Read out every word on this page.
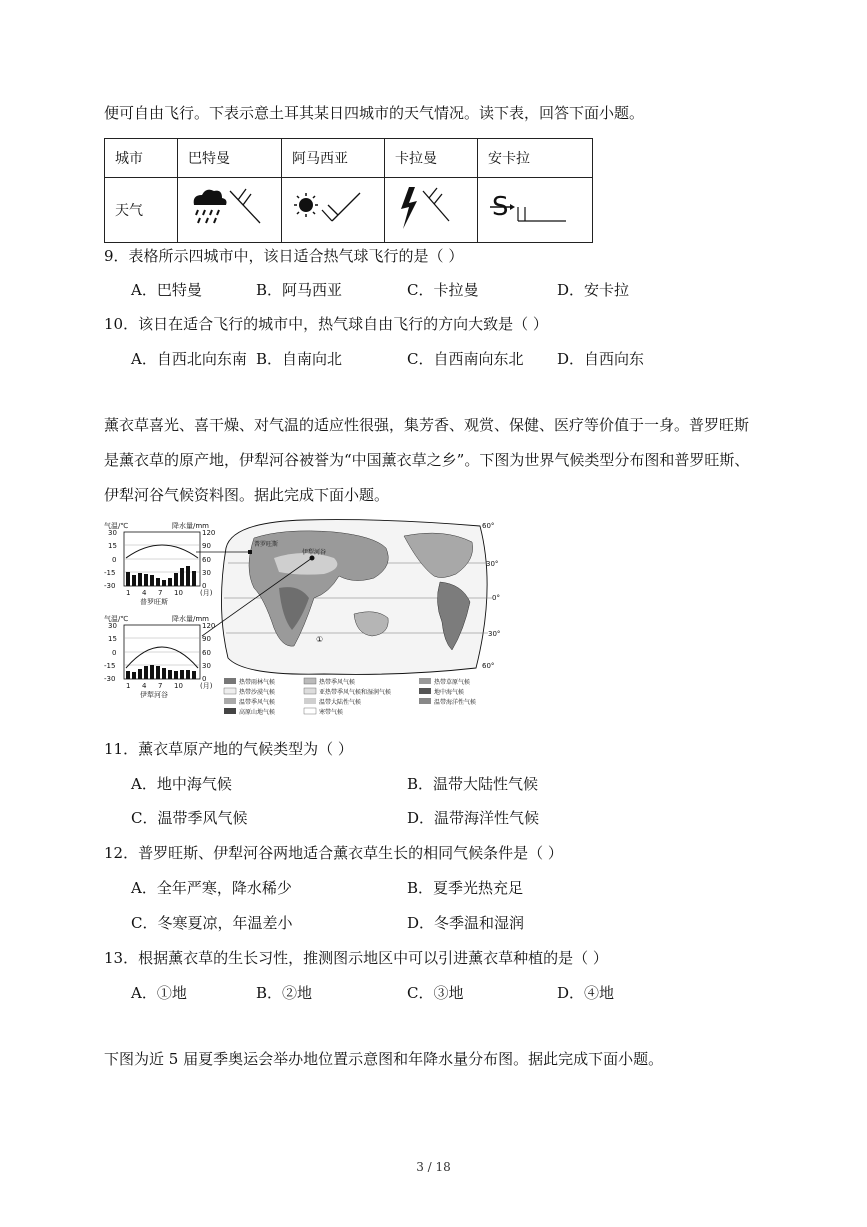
便可自由飞行。下表示意土耳其某日四城市的天气情况。读下表，回答下面小题。
城市	巴特曼	阿马西亚	卡拉曼	安卡拉
天气				S
9．表格所示四城市中，该日适合热气球飞行的是（ ）
A．巴特曼	B．阿马西亚	C．卡拉曼	D．安卡拉
10．该日在适合飞行的城市中，热气球自由飞行的方向大致是（ ）
A．自西北向东南 B．自南向北	C．自西南向东北 D．自西向东
薰衣草喜光、喜干燥、对气温的适应性很强，集芳香、观赏、保健、医疗等价值于一身。普罗旺斯
是薰衣草的原产地，伊犁河谷被誉为“中国薰衣草之乡”。下图为世界气候类型分布图和普罗旺斯、
伊犁河谷气候资料图。据此完成下面小题。
气温/℃	降水量/mm
30
15
0
-15
-30
120
90
60
30
0
1 4 7 10 (月)
普罗旺斯
气温/℃	降水量/mm
30
15
0
-15
-30
120
90
60
30
0
1 4 7 10 (月)
伊犁河谷
普罗旺斯
伊犁河谷
①
60°
30°
0°
30°
60°
热带雨林气候	热带季风气候	热带草原气候
热带沙漠气候	亚热带季风气候和湿润气候	地中海气候
温带季风气候	温带大陆性气候	温带海洋性气候
高原山地气候	寒带气候
11．薰衣草原产地的气候类型为（ ）
A．地中海气候	B．温带大陆性气候
C．温带季风气候	D．温带海洋性气候
12．普罗旺斯、伊犁河谷两地适合薰衣草生长的相同气候条件是（ ）
A．全年严寒，降水稀少	B．夏季光热充足
C．冬寒夏凉，年温差小	D．冬季温和湿润
13．根据薰衣草的生长习性，推测图示地区中可以引进薰衣草种植的是（ ）
A．①地	B．②地	C．③地	D．④地
下图为近 5 届夏季奥运会举办地位置示意图和年降水量分布图。据此完成下面小题。
3 / 18
